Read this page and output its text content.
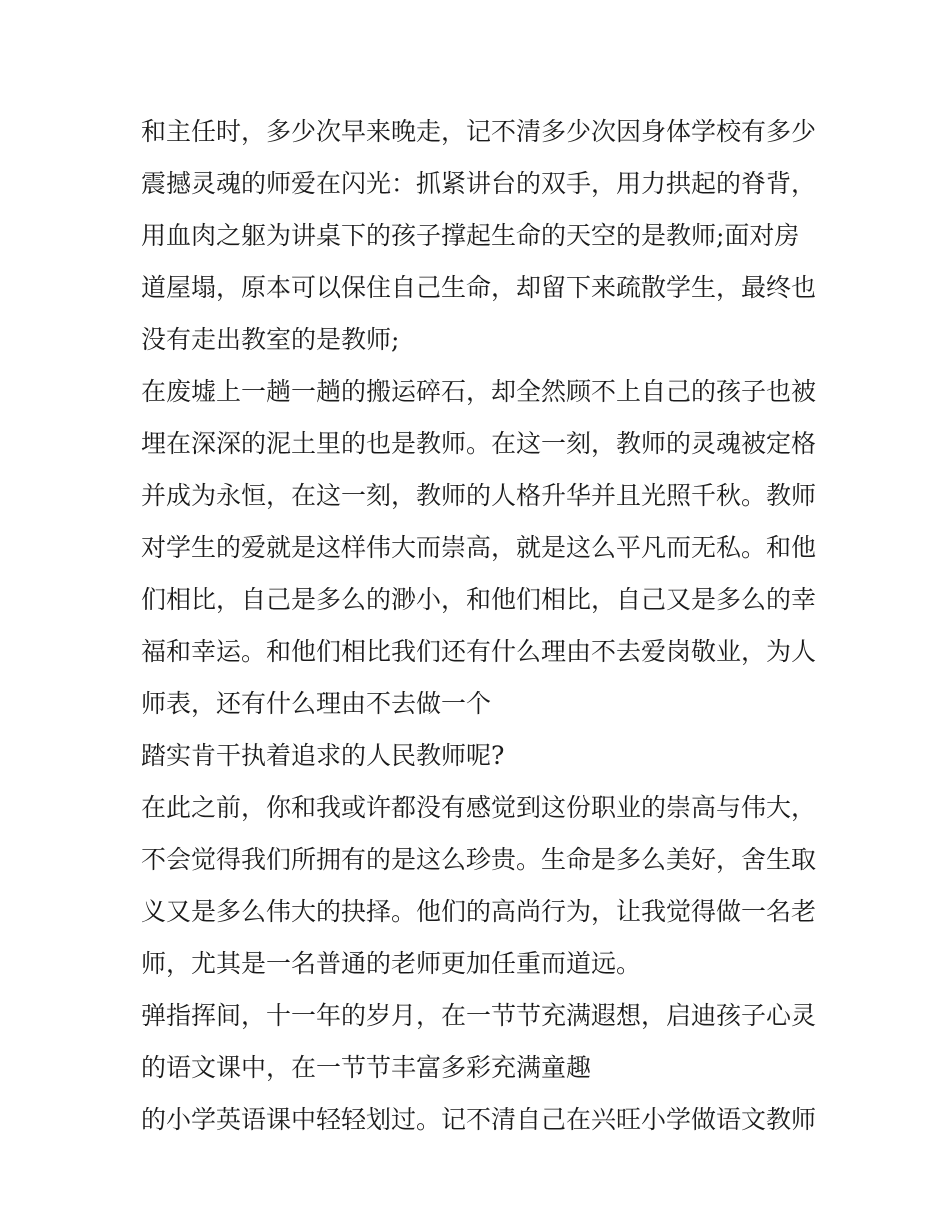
和主任时，多少次早来晚走，记不清多少次因身体学校有多少
震撼灵魂的师爱在闪光：抓紧讲台的双手，用力拱起的脊背，
用血肉之躯为讲桌下的孩子撑起生命的天空的是教师;面对房
道屋塌，原本可以保住自己生命，却留下来疏散学生，最终也
没有走出教室的是教师;
在废墟上一趟一趟的搬运碎石，却全然顾不上自己的孩子也被
埋在深深的泥土里的也是教师。在这一刻，教师的灵魂被定格
并成为永恒，在这一刻，教师的人格升华并且光照千秋。教师
对学生的爱就是这样伟大而崇高，就是这么平凡而无私。和他
们相比，自己是多么的渺小，和他们相比，自己又是多么的幸
福和幸运。和他们相比我们还有什么理由不去爱岗敬业，为人
师表，还有什么理由不去做一个
踏实肯干执着追求的人民教师呢?
在此之前，你和我或许都没有感觉到这份职业的崇高与伟大，
不会觉得我们所拥有的是这么珍贵。生命是多么美好，舍生取
义又是多么伟大的抉择。他们的高尚行为，让我觉得做一名老
师，尤其是一名普通的老师更加任重而道远。
弹指挥间，十一年的岁月，在一节节充满遐想，启迪孩子心灵
的语文课中，在一节节丰富多彩充满童趣
的小学英语课中轻轻划过。记不清自己在兴旺小学做语文教师
